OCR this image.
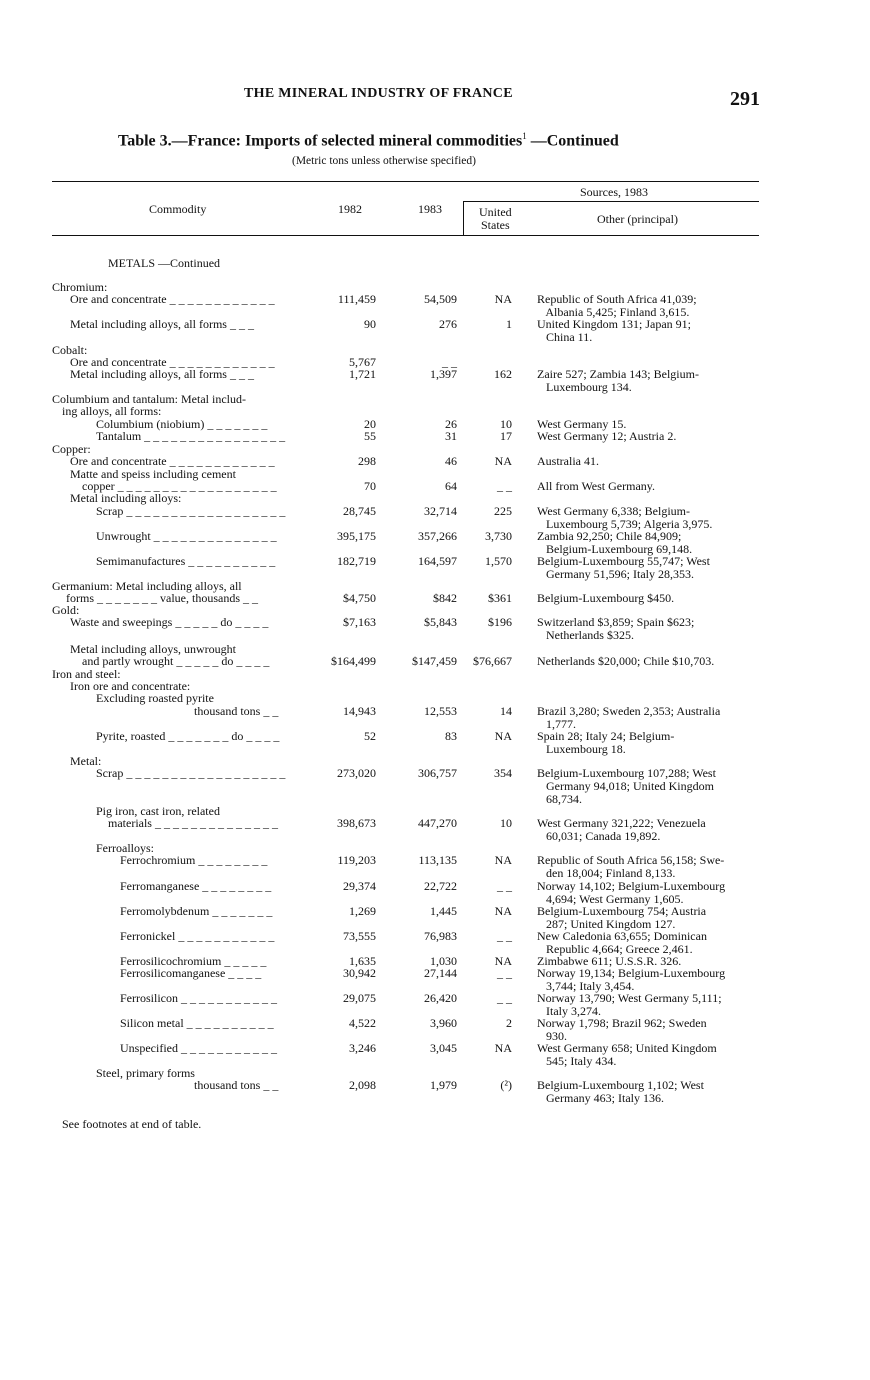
THE MINERAL INDUSTRY OF FRANCE	291
Table 3.—France: Imports of selected mineral commodities$^1$ —Continued
(Metric tons unless otherwise specified)
Commodity	1982	1983
Sources, 1983
United
States	Other (principal)
METALS —Continued
Chromium:
Ore and concentrate _ _ _ _ _ _ _ _ _ _ _ _	111,459	54,509	NA Republic of South Africa 41,039;
Albania 5,425; Finland 3,615.
Metal including alloys, all forms _ _ _	90	276	1 United Kingdom 131; Japan 91;
China 11.
Cobalt:
Ore and concentrate _ _ _ _ _ _ _ _ _ _ _ _	5,767	_ _
Metal including alloys, all forms _ _ _	1,721	1,397	162 Zaire 527; Zambia 143; Belgium-
Luxembourg 134.
Columbium and tantalum: Metal includ-
ing alloys, all forms:
Columbium (niobium) _ _ _ _ _ _ _	20	26	10 West Germany 15.
Tantalum _ _ _ _ _ _ _ _ _ _ _ _ _ _ _ _	55	31	17 West Germany 12; Austria 2.
Copper:
Ore and concentrate _ _ _ _ _ _ _ _ _ _ _ _	298	46	NA Australia 41.
Matte and speiss including cement
copper _ _ _ _ _ _ _ _ _ _ _ _ _ _ _ _ _ _	70	64	_ _ All from West Germany.
Metal including alloys:
Scrap _ _ _ _ _ _ _ _ _ _ _ _ _ _ _ _ _ _	28,745	32,714	225 West Germany 6,338; Belgium-
Luxembourg 5,739; Algeria 3,975.
Unwrought _ _ _ _ _ _ _ _ _ _ _ _ _ _	395,175	357,266	3,730 Zambia 92,250; Chile 84,909;
Belgium-Luxembourg 69,148.
Semimanufactures _ _ _ _ _ _ _ _ _ _	182,719	164,597	1,570 Belgium-Luxembourg 55,747; West
Germany 51,596; Italy 28,353.
Germanium: Metal including alloys, all
forms _ _ _ _ _ _ _ value, thousands _ _	$4,750	$842	$361 Belgium-Luxembourg $450.
Gold:
Waste and sweepings _ _ _ _ _ do _ _ _ _	$7,163	$5,843	$196 Switzerland $3,859; Spain $623;
Netherlands $325.
Metal including alloys, unwrought
and partly wrought _ _ _ _ _ do _ _ _ _	$164,499	$147,459	$76,667 Netherlands $20,000; Chile $10,703.
Iron and steel:
Iron ore and concentrate:
Excluding roasted pyrite
thousand tons _ _	14,943	12,553	14 Brazil 3,280; Sweden 2,353; Australia
1,777.
Pyrite, roasted _ _ _ _ _ _ _ do _ _ _ _	52	83	NA Spain 28; Italy 24; Belgium-
Luxembourg 18.
Metal:
Scrap _ _ _ _ _ _ _ _ _ _ _ _ _ _ _ _ _ _	273,020	306,757	354 Belgium-Luxembourg 107,288; West
Germany 94,018; United Kingdom
68,734.
Pig iron, cast iron, related
materials _ _ _ _ _ _ _ _ _ _ _ _ _ _	398,673	447,270	10 West Germany 321,222; Venezuela
60,031; Canada 19,892.
Ferroalloys:
Ferrochromium _ _ _ _ _ _ _ _	119,203	113,135	NA Republic of South Africa 56,158; Swe-
den 18,004; Finland 8,133.
Ferromanganese _ _ _ _ _ _ _ _	29,374	22,722	_ _ Norway 14,102; Belgium-Luxembourg
4,694; West Germany 1,605.
Ferromolybdenum _ _ _ _ _ _ _	1,269	1,445	NA Belgium-Luxembourg 754; Austria
287; United Kingdom 127.
Ferronickel _ _ _ _ _ _ _ _ _ _ _	73,555	76,983	_ _ New Caledonia 63,655; Dominican
Republic 4,664; Greece 2,461.
Ferrosilicochromium _ _ _ _ _	1,635	1,030	NA Zimbabwe 611; U.S.S.R. 326.
Ferrosilicomanganese _ _ _ _	30,942	27,144	_ _ Norway 19,134; Belgium-Luxembourg
3,744; Italy 3,454.
Ferrosilicon _ _ _ _ _ _ _ _ _ _ _	29,075	26,420	_ _ Norway 13,790; West Germany 5,111;
Italy 3,274.
Silicon metal _ _ _ _ _ _ _ _ _ _	4,522	3,960	2 Norway 1,798; Brazil 962; Sweden
930.
Unspecified _ _ _ _ _ _ _ _ _ _ _	3,246	3,045	NA West Germany 658; United Kingdom
545; Italy 434.
Steel, primary forms
thousand tons _ _	2,098	1,979	(²) Belgium-Luxembourg 1,102; West
Germany 463; Italy 136.
See footnotes at end of table.
